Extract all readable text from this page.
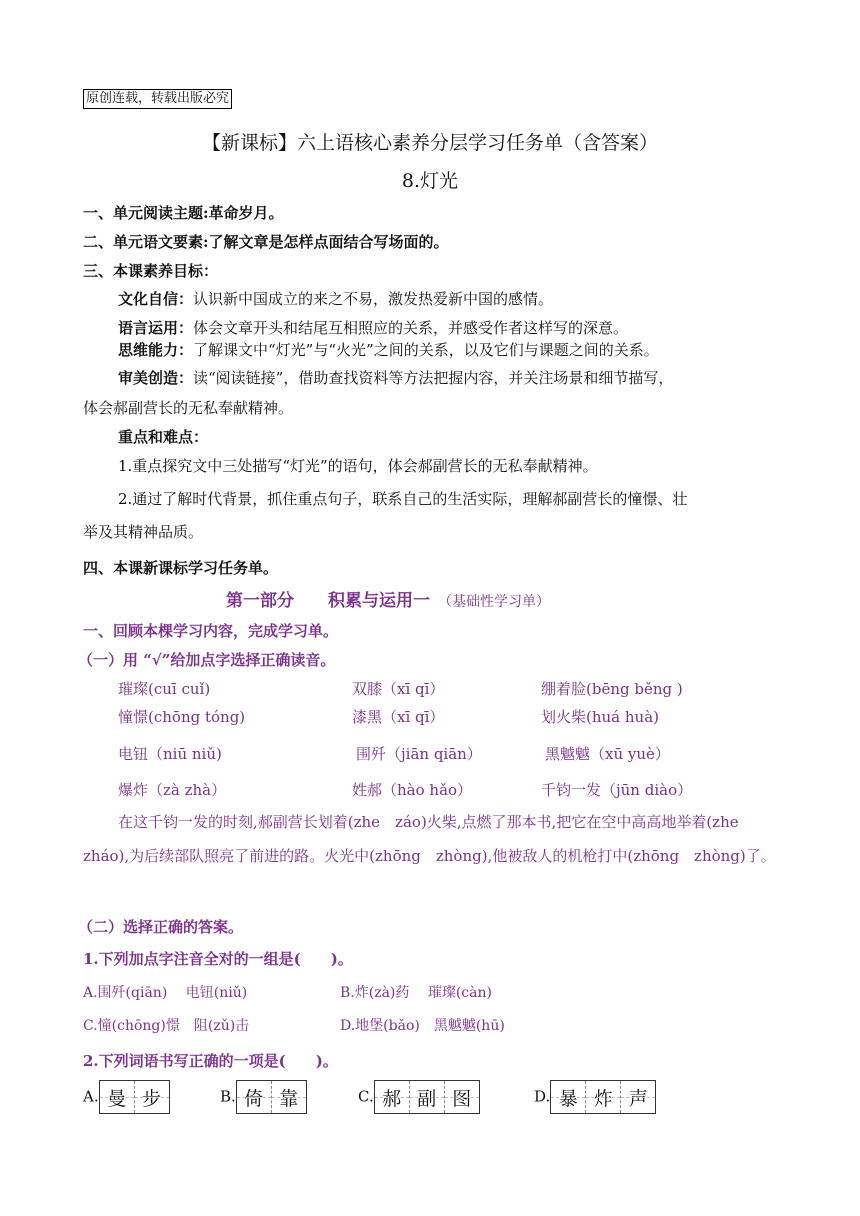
原创连载，转载出版必究
【新课标】六上语核心素养分层学习任务单（含答案）
8.灯光
一、单元阅读主题:革命岁月。
二、单元语文要素:了解文章是怎样点面结合写场面的。
三、本课素养目标：
文化自信：认识新中国成立的来之不易，激发热爱新中国的感情。
语言运用：体会文章开头和结尾互相照应的关系，并感受作者这样写的深意。
思维能力：了解课文中“灯光”与“火光”之间的关系，以及它们与课题之间的关系。
审美创造：读“阅读链接”，借助查找资料等方法把握内容，并关注场景和细节描写，
体会郝副营长的无私奉献精神。
重点和难点：
1.重点探究文中三处描写“灯光”的语句，体会郝副营长的无私奉献精神。
2.通过了解时代背景，抓住重点句子，联系自己的生活实际，理解郝副营长的憧憬、壮
举及其精神品质。
四、本课新课标学习任务单。
第一部分　　积累与运用一 （基础性学习单）
一、回顾本棵学习内容，完成学习单。
（一）用 “√”给加点字选择正确读音。
璀璨(cuī cuǐ)	双膝（xī qī）	绷着脸(bēng běng )
憧憬(chōng tóng)	漆黑（xī qī）	划火柴(huá huà)
电钮（niū niǔ)	围歼（jiān qiān）	黑魆魆（xū yuè）
爆炸（zà zhà）	姓郝（hào hǎo）	千钧一发（jūn diào）
在这千钧一发的时刻,郝副营长划着(zhe　záo)火柴,点燃了那本书,把它在空中高高地举着(zhe　zháo),为后续部队照亮了前进的路。火光中(zhōng　zhòng),他被敌人的机枪打中(zhōng　zhòng)了。
（二）选择正确的答案。
1.下列加点字注音全对的一组是(　　)。
A.围歼(qiān)　 电钮(niǔ)	B.炸(zà)药　 璀璨(càn)
C.憧(chōng)憬　阻(zǔ)击	D.地堡(bǎo)　黑魆魆(hū)
2.下列词语书写正确的一项是(　　)。
A. 曼 步	B. 倚 靠	C. 郝 副 图	D. 暴 炸 声
